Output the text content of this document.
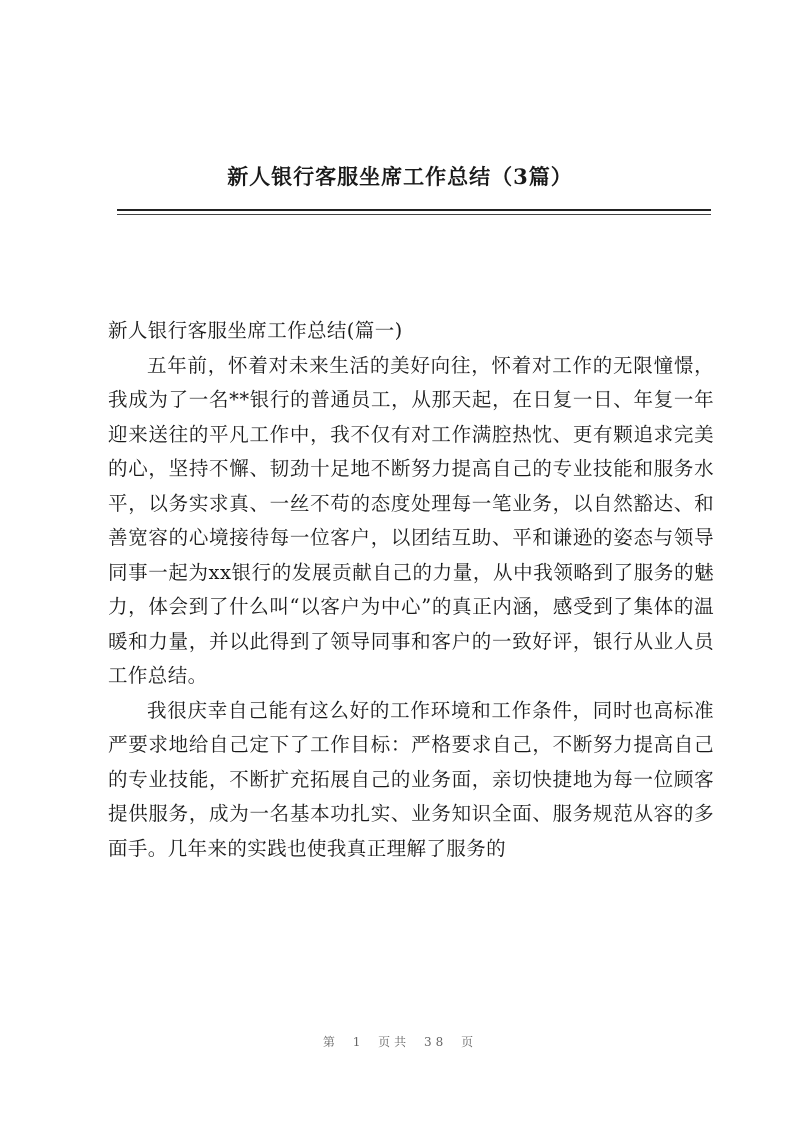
新人银行客服坐席工作总结（3篇）

新人银行客服坐席工作总结(篇一)

五年前，怀着对未来生活的美好向往，怀着对工作的无限憧憬，我成为了一名**银行的普通员工，从那天起，在日复一日、年复一年迎来送往的平凡工作中，我不仅有对工作满腔热忱、更有颗追求完美的心，坚持不懈、韧劲十足地不断努力提高自己的专业技能和服务水平，以务实求真、一丝不苟的态度处理每一笔业务，以自然豁达、和善宽容的心境接待每一位客户，以团结互助、平和谦逊的姿态与领导同事一起为xx银行的发展贡献自己的力量，从中我领略到了服务的魅力，体会到了什么叫“以客户为中心”的真正内涵，感受到了集体的温暖和力量，并以此得到了领导同事和客户的一致好评，银行从业人员工作总结。

我很庆幸自己能有这么好的工作环境和工作条件，同时也高标准严要求地给自己定下了工作目标：严格要求自己，不断努力提高自己的专业技能，不断扩充拓展自己的业务面，亲切快捷地为每一位顾客提供服务，成为一名基本功扎实、业务知识全面、服务规范从容的多面手。几年来的实践也使我真正理解了服务的

第 1 页共 38 页
